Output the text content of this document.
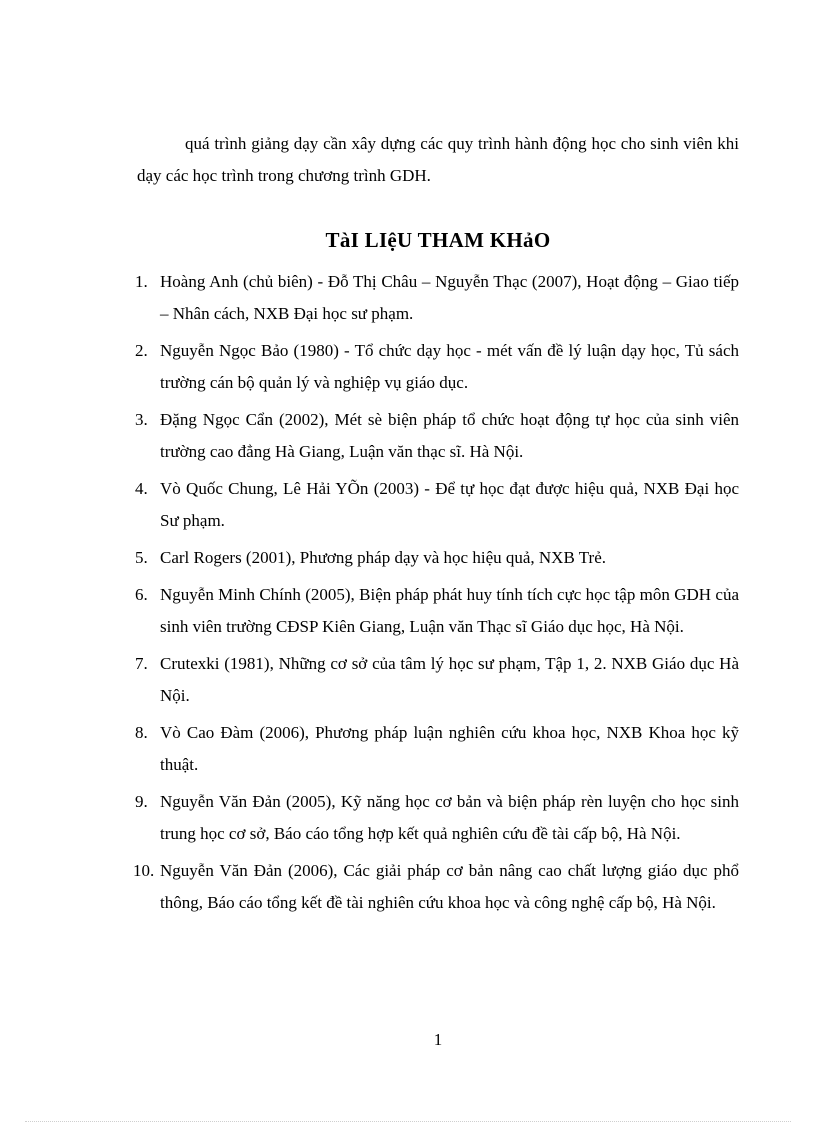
quá trình giảng dạy cần xây dựng các quy trình hành động học cho sinh viên khi dạy các học trình trong chương trình GDH.

TàI LIệU THAM KHảO
1. Hoàng Anh (chủ biên) - Đỗ Thị Châu – Nguyễn Thạc (2007), Hoạt động – Giao tiếp – Nhân cách, NXB Đại học sư phạm.
2. Nguyễn Ngọc Bảo (1980) - Tổ chức dạy học - mét vấn đề lý luận dạy học, Tủ sách trường cán bộ quản lý và nghiệp vụ giáo dục.
3. Đặng Ngọc Cẩn (2002), Mét sè biện pháp tổ chức hoạt động tự học của sinh viên trường cao đẳng Hà Giang, Luận văn thạc sĩ. Hà Nội.
4. Vò Quốc Chung, Lê Hải YÕn (2003) - Để tự học đạt được hiệu quả, NXB Đại học Sư phạm.
5. Carl Rogers (2001), Phương pháp dạy và học hiệu quả, NXB Trẻ.
6. Nguyễn Minh Chính (2005), Biện pháp phát huy tính tích cực học tập môn GDH của sinh viên trường CĐSP Kiên Giang, Luận văn Thạc sĩ Giáo dục học, Hà Nội.
7. Crutexki (1981), Những cơ sở của tâm lý học sư phạm, Tập 1, 2. NXB Giáo dục Hà Nội.
8. Vò Cao Đàm (2006), Phương pháp luận nghiên cứu khoa học, NXB Khoa học kỹ thuật.
9. Nguyễn Văn Đản (2005), Kỹ năng học cơ bản và biện pháp rèn luyện cho học sinh trung học cơ sở, Báo cáo tổng hợp kết quả nghiên cứu đề tài cấp bộ, Hà Nội.
10. Nguyễn Văn Đản (2006), Các giải pháp cơ bản nâng cao chất lượng giáo dục phổ thông, Báo cáo tổng kết đề tài nghiên cứu khoa học và công nghệ cấp bộ, Hà Nội.

1
